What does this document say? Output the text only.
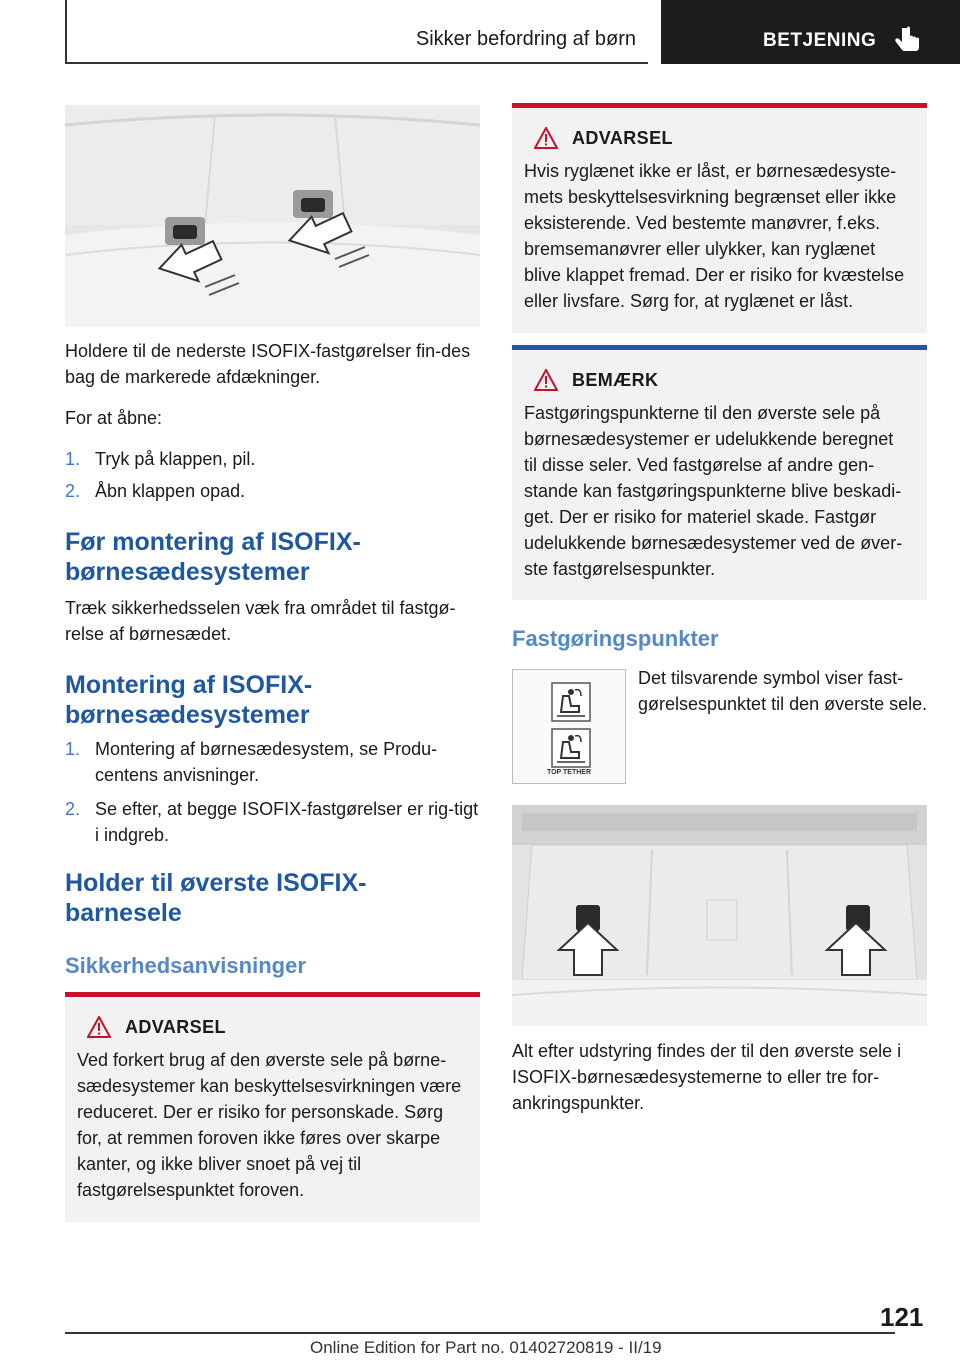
Sikker befordring af børn	BETJENING
Holdere til de nederste ISOFIX-fastgørelser fin-des bag de markerede afdækninger.
For at åbne:
1. Tryk på klappen, pil.
2. Åbn klappen opad.
Før montering af ISOFIX-
børnesædesystemer
Træk sikkerhedsselen væk fra området til fastgø-relse af børnesædet.
Montering af ISOFIX-
børnesædesystemer
1. Montering af børnesædesystem, se Produ-centens anvisninger.
2. Se efter, at begge ISOFIX-fastgørelser er rig-tigt i indgreb.
Holder til øverste ISOFIX-
barnesele
Sikkerhedsanvisninger
ADVARSEL
Ved forkert brug af den øverste sele på børne-sædesystemer kan beskyttelsesvirkningen være reduceret. Der er risiko for personskade. Sørg for, at remmen foroven ikke føres over skarpe kanter, og ikke bliver snoet på vej til fastgørelsespunktet foroven.
ADVARSEL
Hvis ryglænet ikke er låst, er børnesædesyste-mets beskyttelsesvirkning begrænset eller ikke eksisterende. Ved bestemte manøvrer, f.eks. bremsemanøvrer eller ulykker, kan ryglænet blive klappet fremad. Der er risiko for kvæstelse eller livsfare. Sørg for, at ryglænet er låst.
BEMÆRK
Fastgøringspunkterne til den øverste sele på børnesædesystemer er udelukkende beregnet til disse seler. Ved fastgørelse af andre gen-stande kan fastgøringspunkterne blive beskadi-get. Der er risiko for materiel skade. Fastgør udelukkende børnesædesystemer ved de øver-ste fastgørelsespunkter.
Fastgøringspunkter
TOP TETHER
Det tilsvarende symbol viser fast-gørelsespunktet til den øverste sele.
Alt efter udstyring findes der til den øverste sele i ISOFIX-børnesædesystemerne to eller tre for-ankringspunkter.
121
Online Edition for Part no. 01402720819 - II/19
